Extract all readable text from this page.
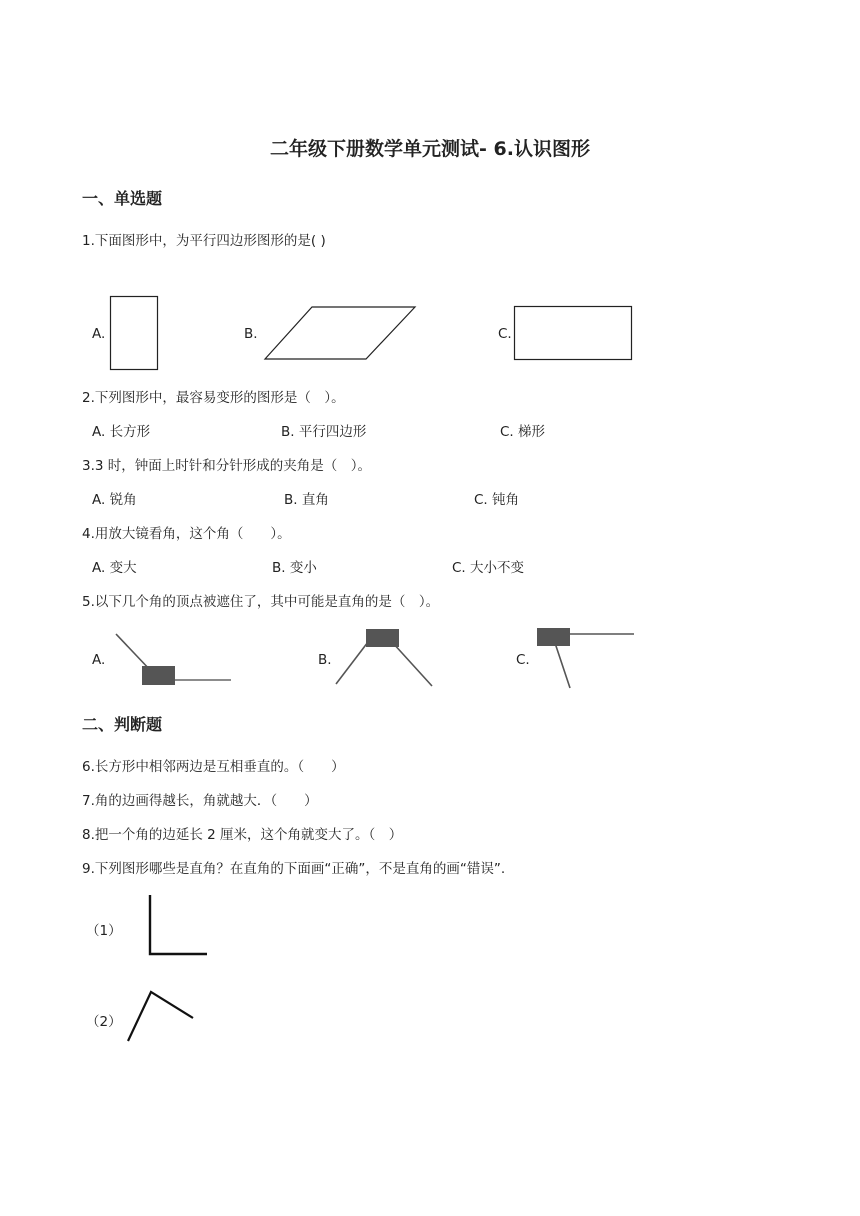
二年级下册数学单元测试- 6.认识图形
一、单选题
1.下面图形中，为平行四边形图形的是( )
A.	B.	C.
2.下列图形中，最容易变形的图形是（　）。
A. 长方形	B. 平行四边形	C. 梯形
3.3 时，钟面上时针和分针形成的夹角是（　）。
A. 锐角	B. 直角	C. 钝角
4.用放大镜看角，这个角（　　）。
A. 变大	B. 变小	C. 大小不变
5.以下几个角的顶点被遮住了，其中可能是直角的是（　）。
A.	B.	C.
二、判断题
6.长方形中相邻两边是互相垂直的。（　　）
7.角的边画得越长，角就越大．（　　）
8.把一个角的边延长 2 厘米，这个角就变大了。（　）
9.下列图形哪些是直角？在直角的下面画“正确”，不是直角的画“错误”.
（1）
（2）
